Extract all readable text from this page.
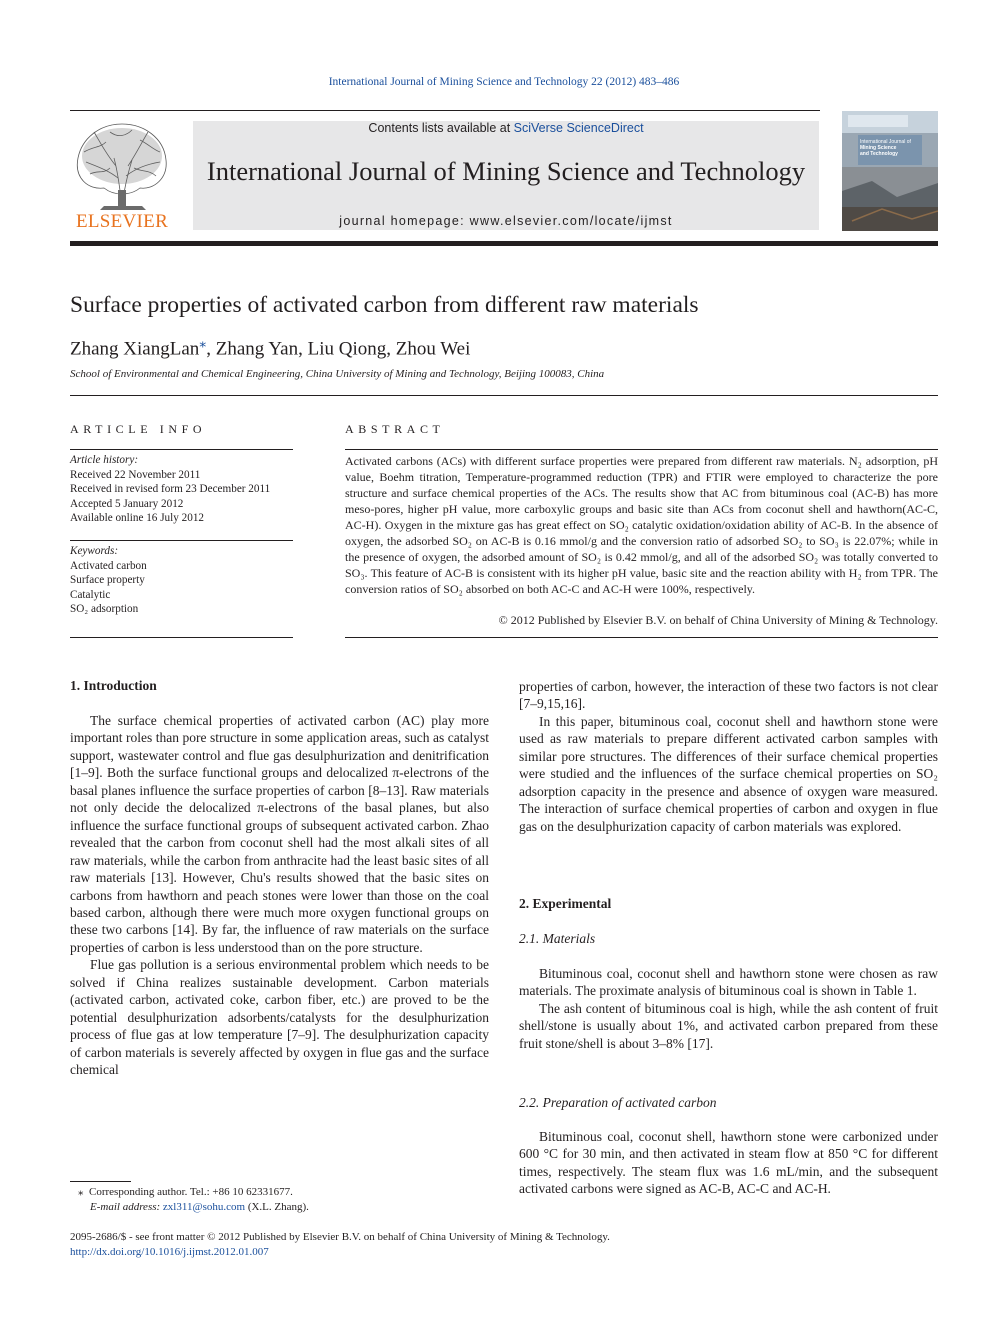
International Journal of Mining Science and Technology 22 (2012) 483–486
ELSEVIER
Contents lists available at SciVerse ScienceDirect
International Journal of Mining Science and Technology
journal homepage: www.elsevier.com/locate/ijmst
International Journal of Mining Science and Technology
Surface properties of activated carbon from different raw materials
Zhang XiangLan⁎, Zhang Yan, Liu Qiong, Zhou Wei
School of Environmental and Chemical Engineering, China University of Mining and Technology, Beijing 100083, China
ARTICLE INFO
Article history:
Received 22 November 2011
Received in revised form 23 December 2011
Accepted 5 January 2012
Available online 16 July 2012
Keywords:
Activated carbon
Surface property
Catalytic
SO₂ adsorption
ABSTRACT
Activated carbons (ACs) with different surface properties were prepared from different raw materials. N₂ adsorption, pH value, Boehm titration, Temperature-programmed reduction (TPR) and FTIR were employed to characterize the pore structure and surface chemical properties of the ACs. The results show that AC from bituminous coal (AC-B) has more meso-pores, higher pH value, more carboxylic groups and basic site than ACs from coconut shell and hawthorn(AC-C, AC-H). Oxygen in the mixture gas has great effect on SO₂ catalytic oxidation/oxidation ability of AC-B. In the absence of oxygen, the adsorbed SO₂ on AC-B is 0.16 mmol/g and the conversion ratio of adsorbed SO₂ to SO₃ is 22.07%; while in the presence of oxygen, the adsorbed amount of SO₂ is 0.42 mmol/g, and all of the adsorbed SO₂ was totally converted to SO₃. This feature of AC-B is consistent with its higher pH value, basic site and the reaction ability with H₂ from TPR. The conversion ratios of SO₂ absorbed on both AC-C and AC-H were 100%, respectively.
© 2012 Published by Elsevier B.V. on behalf of China University of Mining & Technology.
1. Introduction

The surface chemical properties of activated carbon (AC) play more important roles than pore structure in some application areas, such as catalyst support, wastewater control and flue gas desulphurization and denitrification [1–9]. Both the surface functional groups and delocalized π-electrons of the basal planes influence the surface properties of carbon [8–13]. Raw materials not only decide the delocalized π-electrons of the basal planes, but also influence the surface functional groups of subsequent activated carbon. Zhao revealed that the carbon from coconut shell had the most alkali sites of all raw materials, while the carbon from anthracite had the least basic sites of all raw materials [13]. However, Chu's results showed that the basic sites on carbons from hawthorn and peach stones were lower than those on the coal based carbon, although there were much more oxygen functional groups on these two carbons [14]. By far, the influence of raw materials on the surface properties of carbon is less understood than on the pore structure.

Flue gas pollution is a serious environmental problem which needs to be solved if China realizes sustainable development. Carbon materials (activated carbon, activated coke, carbon fiber, etc.) are proved to be the potential desulphurization adsorbents/catalysts for the desulphurization process of flue gas at low temperature [7–9]. The desulphurization capacity of carbon materials is severely affected by oxygen in flue gas and the surface chemical

properties of carbon, however, the interaction of these two factors is not clear [7–9,15,16].

In this paper, bituminous coal, coconut shell and hawthorn stone were used as raw materials to prepare different activated carbon samples with similar pore structures. The differences of their surface chemical properties were studied and the influences of the surface chemical properties on SO₂ adsorption capacity in the presence and absence of oxygen ware measured. The interaction of surface chemical properties of carbon and oxygen in flue gas on the desulphurization capacity of carbon materials was explored.

2. Experimental
2.1. Materials

Bituminous coal, coconut shell and hawthorn stone were chosen as raw materials. The proximate analysis of bituminous coal is shown in Table 1.

The ash content of bituminous coal is high, while the ash content of fruit shell/stone is usually about 1%, and activated carbon prepared from these fruit stone/shell is about 3–8% [17].

2.2. Preparation of activated carbon

Bituminous coal, coconut shell, hawthorn stone were carbonized under 600 °C for 30 min, and then activated in steam flow at 850 °C for different times, respectively. The steam flux was 1.6 mL/min, and the subsequent activated carbons were signed as AC-B, AC-C and AC-H.

⁎ Corresponding author. Tel.: +86 10 62331677.
E-mail address: zxl311@sohu.com (X.L. Zhang).
2095-2686/$ - see front matter © 2012 Published by Elsevier B.V. on behalf of China University of Mining & Technology.
http://dx.doi.org/10.1016/j.ijmst.2012.01.007
